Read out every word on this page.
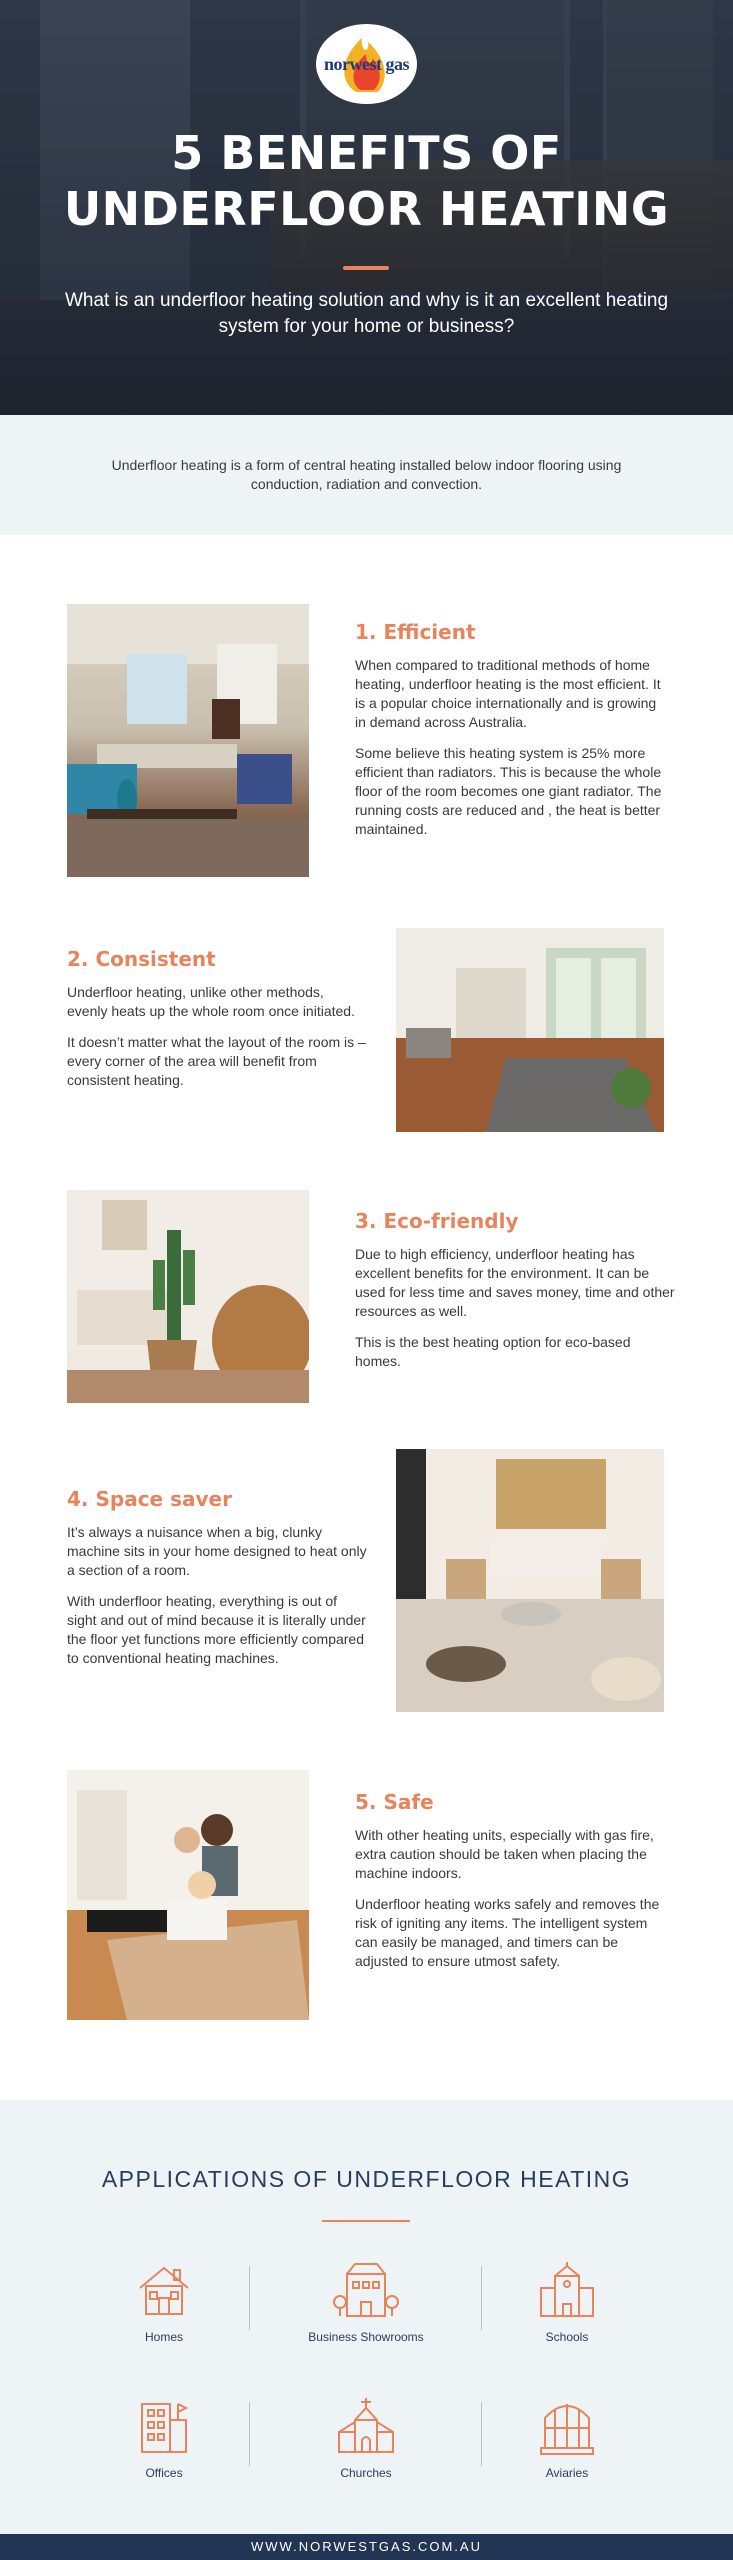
norwest gas
5 BENEFITS OF
UNDERFLOOR HEATING
What is an underfloor heating solution and why is it an excellent heating system for your home or business?

Underfloor heating is a form of central heating installed below indoor flooring using conduction, radiation and convection.

1. Efficient

When compared to traditional methods of home heating, underfloor heating is the most efficient. It is a popular choice internationally and is growing in demand across Australia.

Some believe this heating system is 25% more efficient than radiators. This is because the whole floor of the room becomes one giant radiator. The running costs are reduced and , the heat is better maintained.

2. Consistent

Underfloor heating, unlike other methods, evenly heats up the whole room once initiated.

It doesn’t matter what the layout of the room is – every corner of the area will benefit from consistent heating.

3. Eco-friendly

Due to high efficiency, underfloor heating has excellent benefits for the environment. It can be used for less time and saves money, time and other resources as well.

This is the best heating option for eco-based homes.

4. Space saver

It’s always a nuisance when a big, clunky machine sits in your home designed to heat only a section of a room.

With underfloor heating, everything is out of sight and out of mind because it is literally under the floor yet functions more efficiently compared to conventional heating machines.

5. Safe

With other heating units, especially with gas fire, extra caution should be taken when placing the machine indoors.

Underfloor heating works safely and removes the risk of igniting any items. The intelligent system can easily be managed, and timers can be adjusted to ensure utmost safety.

APPLICATIONS OF UNDERFLOOR HEATING
Homes	Business Showrooms	Schools
Offices	Churches	Aviaries
WWW.NORWESTGAS.COM.AU
